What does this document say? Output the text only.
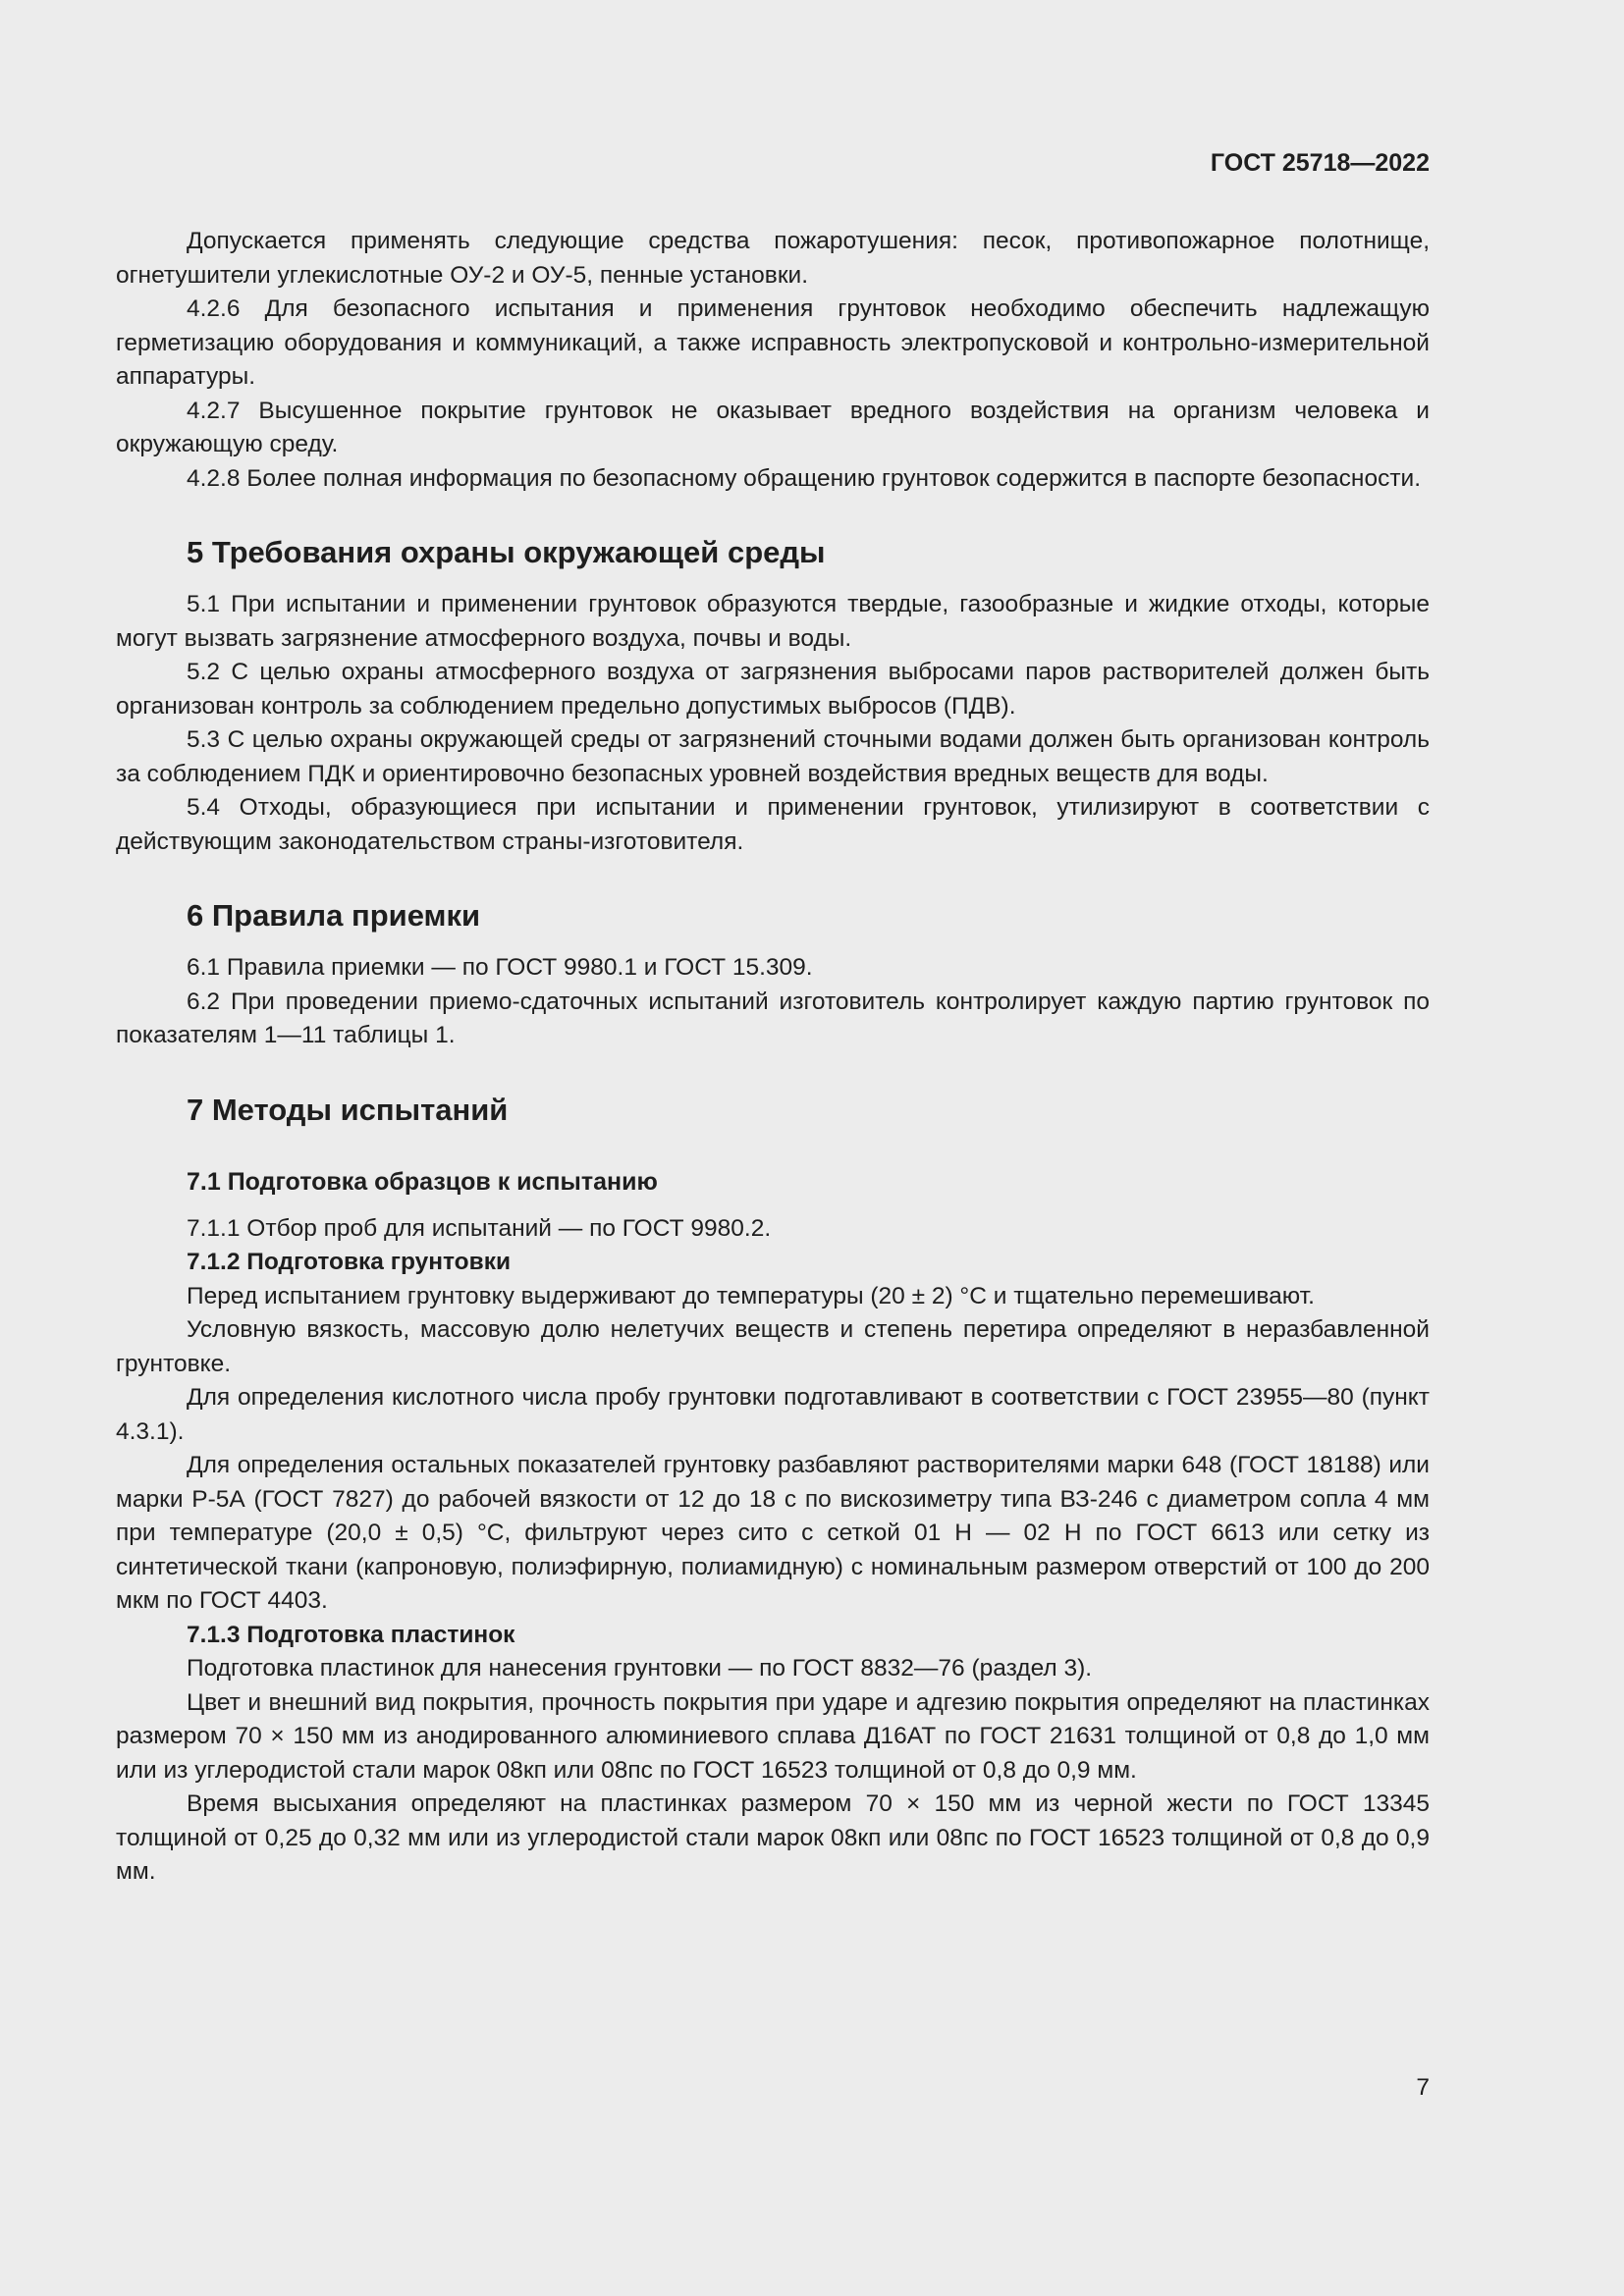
ГОСТ 25718—2022

Допускается применять следующие средства пожаротушения: песок, противопожарное полотнище, огнетушители углекислотные ОУ-2 и ОУ-5, пенные установки.

4.2.6 Для безопасного испытания и применения грунтовок необходимо обеспечить надлежащую герметизацию оборудования и коммуникаций, а также исправность электропусковой и контрольно-измерительной аппаратуры.

4.2.7 Высушенное покрытие грунтовок не оказывает вредного воздействия на организм человека и окружающую среду.

4.2.8 Более полная информация по безопасному обращению грунтовок содержится в паспорте безопасности.

5 Требования охраны окружающей среды

5.1 При испытании и применении грунтовок образуются твердые, газообразные и жидкие отходы, которые могут вызвать загрязнение атмосферного воздуха, почвы и воды.

5.2 С целью охраны атмосферного воздуха от загрязнения выбросами паров растворителей должен быть организован контроль за соблюдением предельно допустимых выбросов (ПДВ).

5.3 С целью охраны окружающей среды от загрязнений сточными водами должен быть организован контроль за соблюдением ПДК и ориентировочно безопасных уровней воздействия вредных веществ для воды.

5.4 Отходы, образующиеся при испытании и применении грунтовок, утилизируют в соответствии с действующим законодательством страны-изготовителя.

6 Правила приемки

6.1 Правила приемки — по ГОСТ 9980.1 и ГОСТ 15.309.

6.2 При проведении приемо-сдаточных испытаний изготовитель контролирует каждую партию грунтовок по показателям 1—11 таблицы 1.

7 Методы испытаний
7.1 Подготовка образцов к испытанию

7.1.1 Отбор проб для испытаний — по ГОСТ 9980.2.

7.1.2 Подготовка грунтовки

Перед испытанием грунтовку выдерживают до температуры (20 ± 2) °С и тщательно перемешивают.

Условную вязкость, массовую долю нелетучих веществ и степень перетира определяют в неразбавленной грунтовке.

Для определения кислотного числа пробу грунтовки подготавливают в соответствии с ГОСТ 23955—80 (пункт 4.3.1).

Для определения остальных показателей грунтовку разбавляют растворителями марки 648 (ГОСТ 18188) или марки Р-5А (ГОСТ 7827) до рабочей вязкости от 12 до 18 с по вискозиметру типа ВЗ-246 с диаметром сопла 4 мм при температуре (20,0 ± 0,5) °С, фильтруют через сито с сеткой 01 Н — 02 Н по ГОСТ 6613 или сетку из синтетической ткани (капроновую, полиэфирную, полиамидную) с номинальным размером отверстий от 100 до 200 мкм по ГОСТ 4403.

7.1.3 Подготовка пластинок

Подготовка пластинок для нанесения грунтовки — по ГОСТ 8832—76 (раздел 3).

Цвет и внешний вид покрытия, прочность покрытия при ударе и адгезию покрытия определяют на пластинках размером 70 × 150 мм из анодированного алюминиевого сплава Д16АТ по ГОСТ 21631 толщиной от 0,8 до 1,0 мм или из углеродистой стали марок 08кп или 08пс по ГОСТ 16523 толщиной от 0,8 до 0,9 мм.

Время высыхания определяют на пластинках размером 70 × 150 мм из черной жести по ГОСТ 13345 толщиной от 0,25 до 0,32 мм или из углеродистой стали марок 08кп или 08пс по ГОСТ 16523 толщиной от 0,8 до 0,9 мм.

7
